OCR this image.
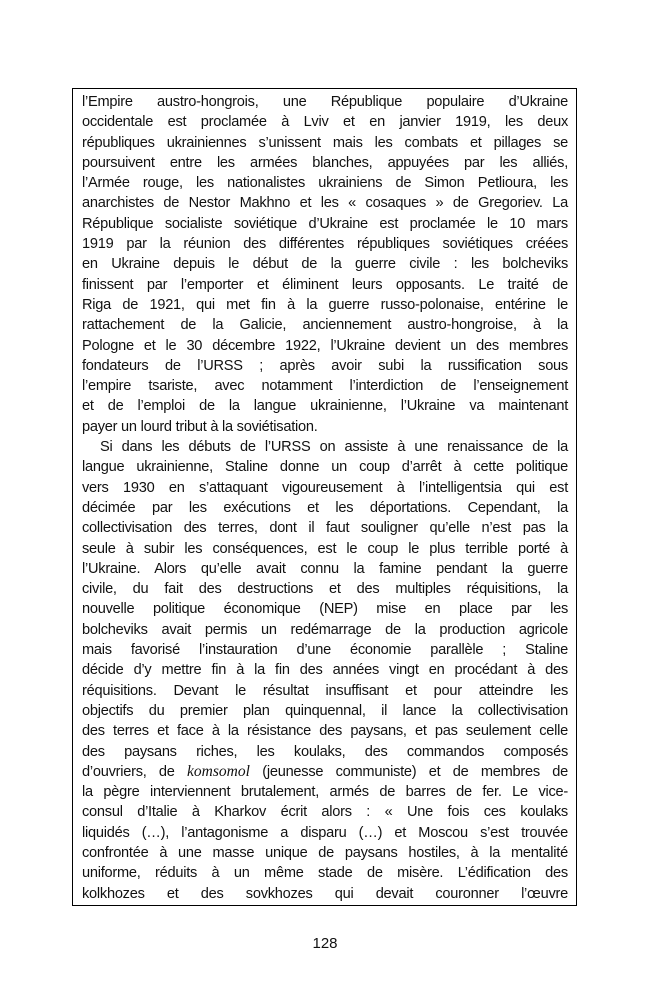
l’Empire austro-hongrois, une République populaire d’Ukraine
occidentale est proclamée à Lviv et en janvier 1919, les deux
républiques ukrainiennes s’unissent mais les combats et pillages se
poursuivent entre les armées blanches, appuyées par les alliés,
l’Armée rouge, les nationalistes ukrainiens de Simon Petlioura, les
anarchistes de Nestor Makhno et les « cosaques » de Gregoriev. La
République socialiste soviétique d’Ukraine est proclamée le 10 mars
1919 par la réunion des différentes républiques soviétiques créées
en Ukraine depuis le début de la guerre civile : les bolcheviks
finissent par l’emporter et éliminent leurs opposants. Le traité de
Riga de 1921, qui met fin à la guerre russo-polonaise, entérine le
rattachement de la Galicie, anciennement austro-hongroise, à la
Pologne et le 30 décembre 1922, l’Ukraine devient un des membres
fondateurs de l’URSS ; après avoir subi la russification sous
l’empire tsariste, avec notamment l’interdiction de l’enseignement
et de l’emploi de la langue ukrainienne, l’Ukraine va maintenant
payer un lourd tribut à la soviétisation.
Si dans les débuts de l’URSS on assiste à une renaissance de la
langue ukrainienne, Staline donne un coup d’arrêt à cette politique
vers 1930 en s’attaquant vigoureusement à l’intelligentsia qui est
décimée par les exécutions et les déportations. Cependant, la
collectivisation des terres, dont il faut souligner qu’elle n’est pas la
seule à subir les conséquences, est le coup le plus terrible porté à
l’Ukraine. Alors qu’elle avait connu la famine pendant la guerre
civile, du fait des destructions et des multiples réquisitions, la
nouvelle politique économique (NEP) mise en place par les
bolcheviks avait permis un redémarrage de la production agricole
mais favorisé l’instauration d’une économie parallèle ; Staline
décide d’y mettre fin à la fin des années vingt en procédant à des
réquisitions. Devant le résultat insuffisant et pour atteindre les
objectifs du premier plan quinquennal, il lance la collectivisation
des terres et face à la résistance des paysans, et pas seulement celle
des paysans riches, les koulaks, des commandos composés
d’ouvriers, de komsomol (jeunesse communiste) et de membres de
la pègre interviennent brutalement, armés de barres de fer. Le vice-
consul d’Italie à Kharkov écrit alors : « Une fois ces koulaks
liquidés (…), l’antagonisme a disparu (…) et Moscou s’est trouvée
confrontée à une masse unique de paysans hostiles, à la mentalité
uniforme, réduits à un même stade de misère. L’édification des
kolkhozes et des sovkhozes qui devait couronner l’œuvre
128
